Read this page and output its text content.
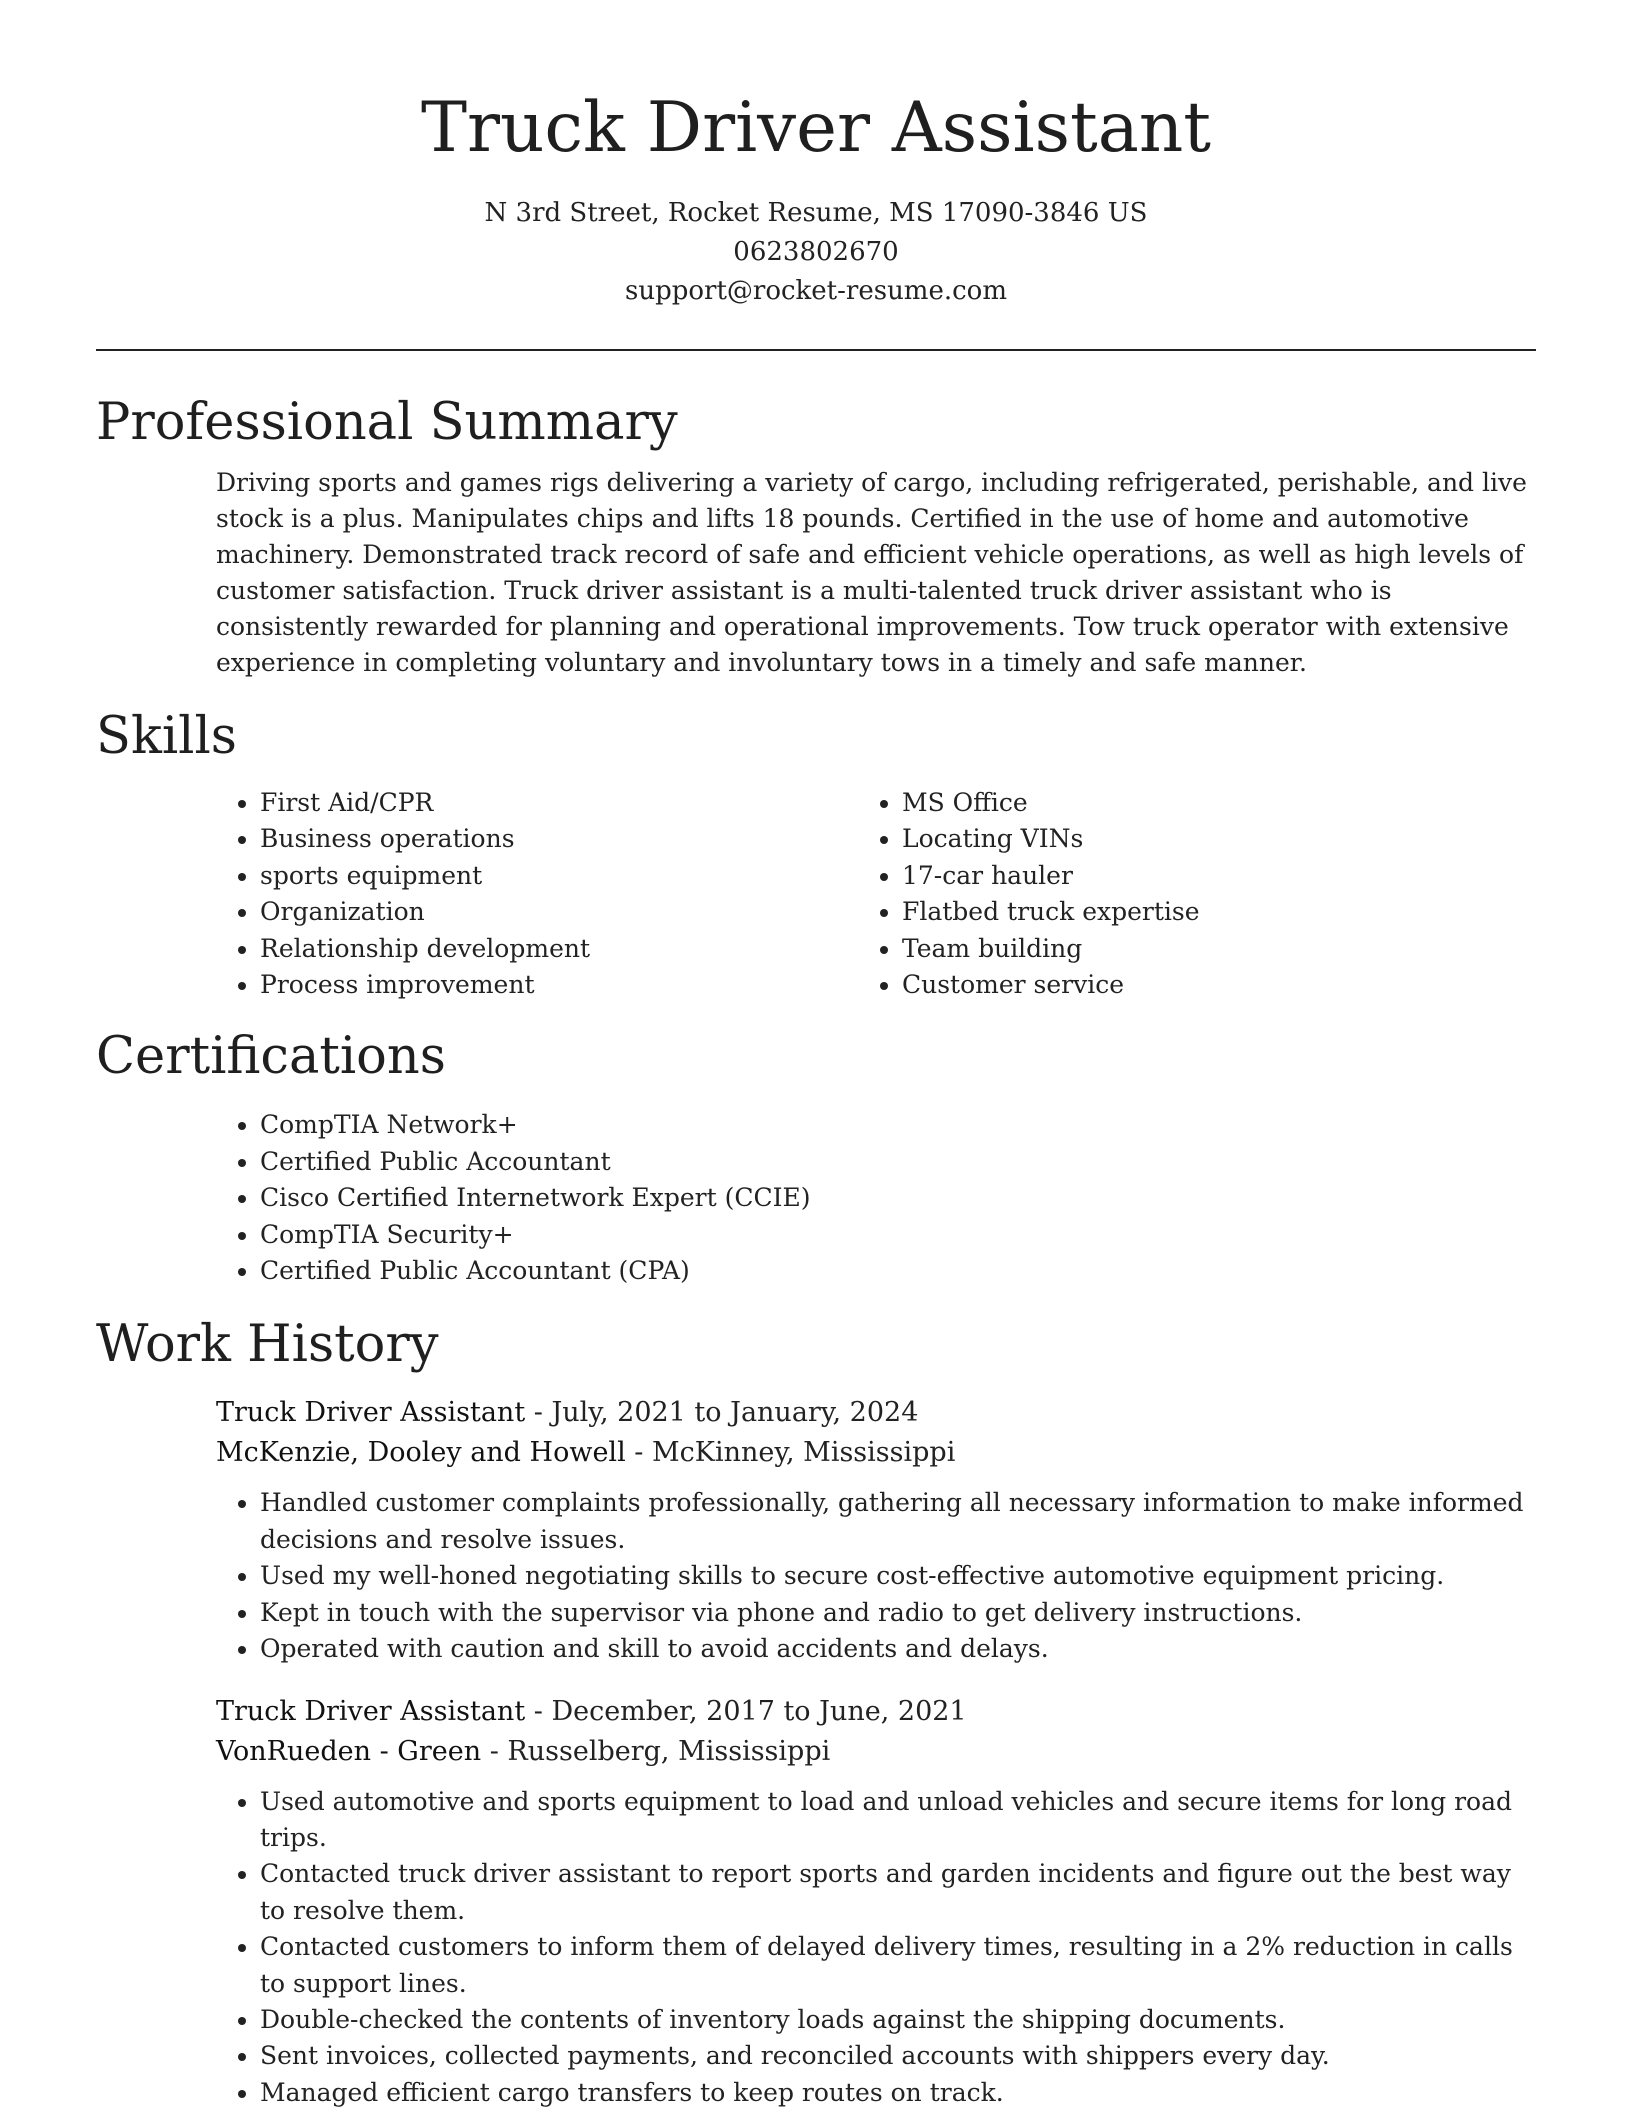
Truck Driver Assistant
N 3rd Street, Rocket Resume, MS 17090-3846 US
0623802670
support@rocket-resume.com
Professional Summary

Driving sports and games rigs delivering a variety of cargo, including refrigerated, perishable, and live stock is a plus. Manipulates chips and lifts 18 pounds. Certified in the use of home and automotive machinery. Demonstrated track record of safe and efficient vehicle operations, as well as high levels of customer satisfaction. Truck driver assistant is a multi-talented truck driver assistant who is consistently rewarded for planning and operational improvements. Tow truck operator with extensive experience in completing voluntary and involuntary tows in a timely and safe manner.

Skills
• First Aid/CPR
• Business operations
• sports equipment
• Organization
• Relationship development
• Process improvement
• MS Office
• Locating VINs
• 17-car hauler
• Flatbed truck expertise
• Team building
• Customer service
Certifications
• CompTIA Network+
• Certified Public Accountant
• Cisco Certified Internetwork Expert (CCIE)
• CompTIA Security+
• Certified Public Accountant (CPA)
Work History
Truck Driver Assistant - July, 2021 to January, 2024
McKenzie, Dooley and Howell - McKinney, Mississippi
• Handled customer complaints professionally, gathering all necessary information to make informed decisions and resolve issues.
• Used my well-honed negotiating skills to secure cost-effective automotive equipment pricing.
• Kept in touch with the supervisor via phone and radio to get delivery instructions.
• Operated with caution and skill to avoid accidents and delays.
Truck Driver Assistant - December, 2017 to June, 2021
VonRueden - Green - Russelberg, Mississippi
• Used automotive and sports equipment to load and unload vehicles and secure items for long road trips.
• Contacted truck driver assistant to report sports and garden incidents and figure out the best way to resolve them.
• Contacted customers to inform them of delayed delivery times, resulting in a 2% reduction in calls to support lines.
• Double-checked the contents of inventory loads against the shipping documents.
• Sent invoices, collected payments, and reconciled accounts with shippers every day.
• Managed efficient cargo transfers to keep routes on track.
